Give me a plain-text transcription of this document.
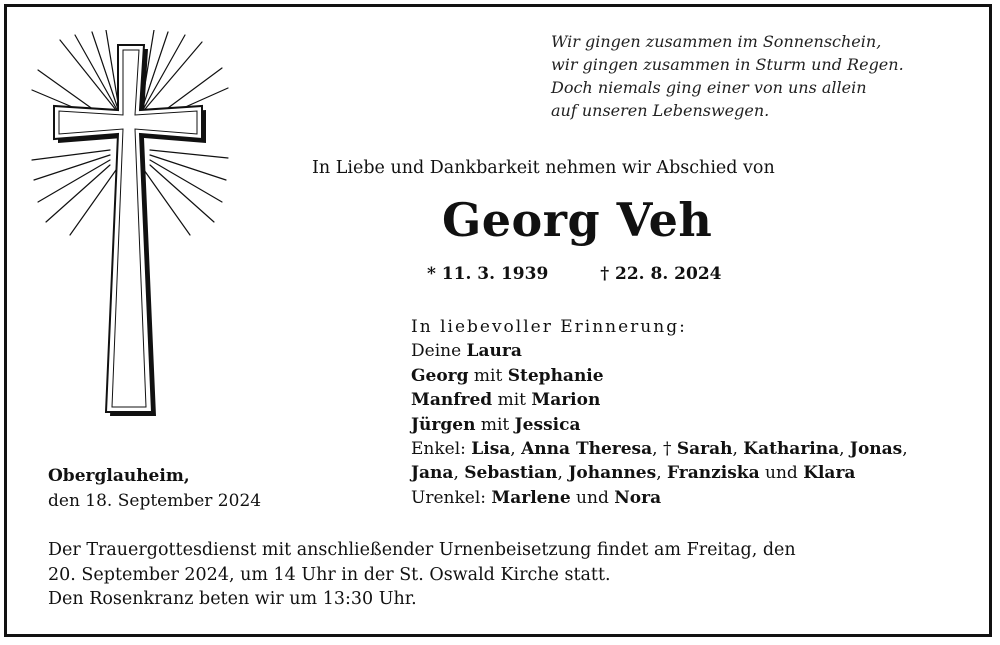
Wir gingen zusammen im Sonnenschein,
wir gingen zusammen in Sturm und Regen.
Doch niemals ging einer von uns allein
auf unseren Lebenswegen.
In Liebe und Dankbarkeit nehmen wir Abschied von
Georg Veh
* 11. 3. 1939	† 22. 8. 2024
In liebevoller Erinnerung:
Deine Laura
Georg mit Stephanie
Manfred mit Marion
Jürgen mit Jessica
Enkel: Lisa, Anna Theresa, † Sarah, Katharina, Jonas,
Jana, Sebastian, Johannes, Franziska und Klara
Urenkel: Marlene und Nora
Oberglauheim,
den 18. September 2024
Der Trauergottesdienst mit anschließender Urnenbeisetzung findet am Freitag, den
20. September 2024, um 14 Uhr in der St. Oswald Kirche statt.
Den Rosenkranz beten wir um 13:30 Uhr.
